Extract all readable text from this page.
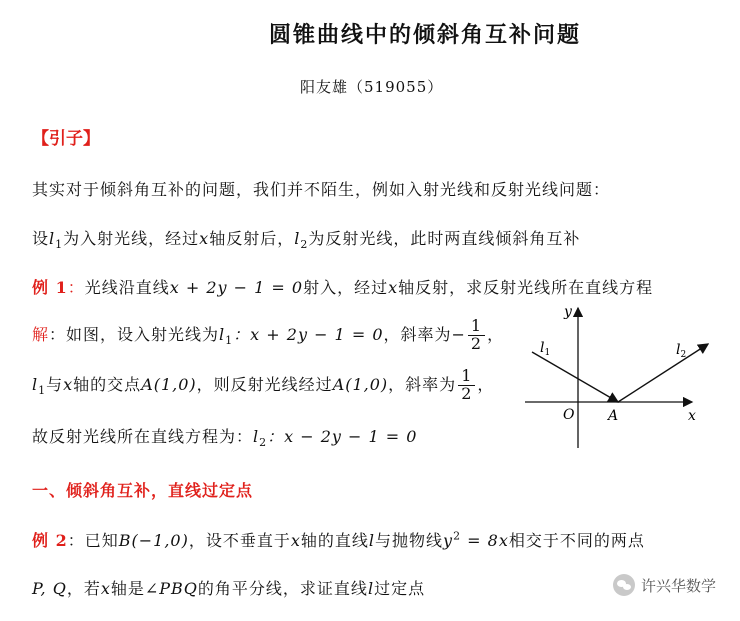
圆锥曲线中的倾斜角互补问题
阳友雄（519055）
【引子】
其实对于倾斜角互补的问题，我们并不陌生，例如入射光线和反射光线问题：
设$l_1$为入射光线，经过x轴反射后，$l_2$为反射光线，此时两直线倾斜角互补
例 1：光线沿直线x + 2y − 1 = 0射入，经过x轴反射，求反射光线所在直线方程
解：如图，设入射光线为$l_1$：x + 2y − 1 = 0，斜率为− $\frac{1}{2}$ ，
$l_1$与x轴的交点A(1,0)，则反射光线经过A(1,0)，斜率为 $\frac{1}{2}$ ，
故反射光线所在直线方程为：$l_2$：x − 2y − 1 = 0
y
x
O A
$l_1$	$l_2$
一、倾斜角互补，直线过定点
例 2：已知B(−1,0)，设不垂直于x轴的直线l与抛物线$y^2 = 8x$相交于不同的两点
P, Q，若x轴是∠PBQ的角平分线，求证直线l过定点	许兴华数学
